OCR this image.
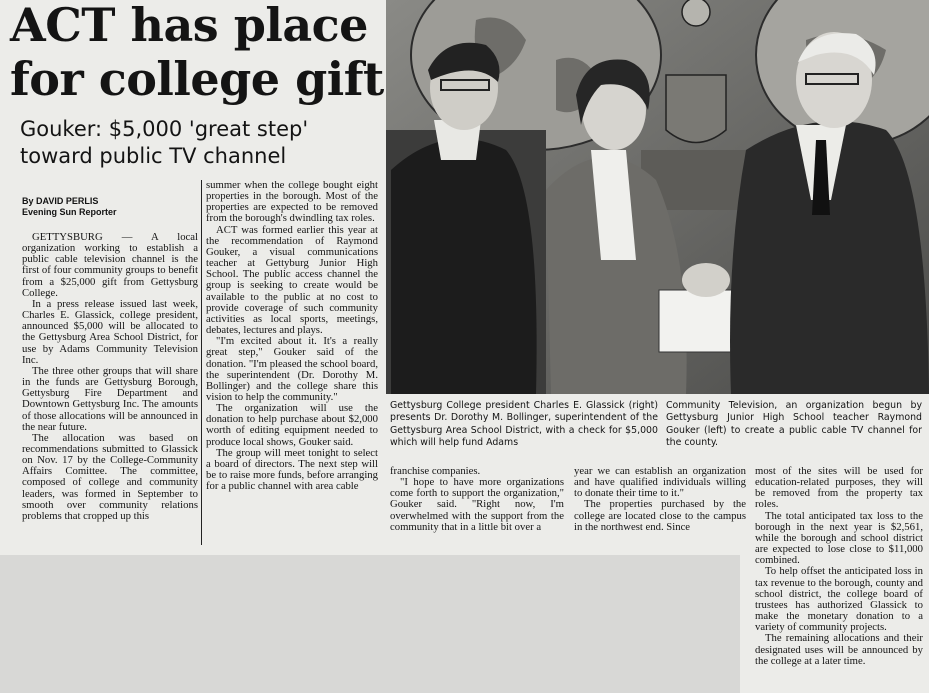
ACT has place
for college gift
Gouker: $5,000 'great step'
toward public TV channel
By DAVID PERLIS
Evening Sun Reporter

GETTYSBURG — A local organization working to establish a public cable television channel is the first of four community groups to benefit from a $25,000 gift from Gettysburg College.

In a press release issued last week, Charles E. Glassick, college president, announced $5,000 will be allocated to the Gettysburg Area School District, for use by Adams Community Television Inc.

The three other groups that will share in the funds are Gettysburg Borough, Gettysburg Fire Department and Downtown Gettysburg Inc. The amounts of those allocations will be announced in the near future.

The allocation was based on recommendations submitted to Glassick on Nov. 17 by the College-Community Affairs Comittee. The committee, composed of college and community leaders, was formed in September to smooth over community relations problems that cropped up this

summer when the college bought eight properties in the borough. Most of the properties are expected to be removed from the borough's dwindling tax roles.

ACT was formed earlier this year at the recommendation of Raymond Gouker, a visual communications teacher at Gettyburg Junior High School. The public access channel the group is seeking to create would be available to the public at no cost to provide coverage of such community activities as local sports, meetings, debates, lectures and plays.

"I'm excited about it. It's a really great step," Gouker said of the donation. "I'm pleased the school board, the superintendent (Dr. Dorothy M. Bollinger) and the college share this vision to help the community."

The organization will use the donation to help purchase about $2,000 worth of editing equipment needed to produce local shows, Gouker said.

The group will meet tonight to select a board of directors. The next step will be to raise more funds, before arranging for a public channel with area cable

Gettysburg College president Charles E. Glassick (right) presents Dr. Dorothy M. Bollinger, superintendent of the Gettysburg Area School District, with a check for $5,000 which will help fund Adams
Community Television, an organization begun by Gettysburg Junior High School teacher Raymond Gouker (left) to create a public cable TV channel for the county.

franchise companies.

"I hope to have more organizations come forth to support the organization," Gouker said. "Right now, I'm overwhelmed with the support from the community that in a little bit over a

year we can establish an organization and have qualified individuals willing to donate their time to it."

The properties purchased by the college are located close to the campus in the northwest end. Since

most of the sites will be used for education-related purposes, they will be removed from the property tax roles.

The total anticipated tax loss to the borough in the next year is $2,561, while the borough and school district are expected to lose close to $11,000 combined.

To help offset the anticipated loss in tax revenue to the borough, county and school district, the college board of trustees has authorized Glassick to make the monetary donation to a variety of community projects.

The remaining allocations and their designated uses will be announced by the college at a later time.
